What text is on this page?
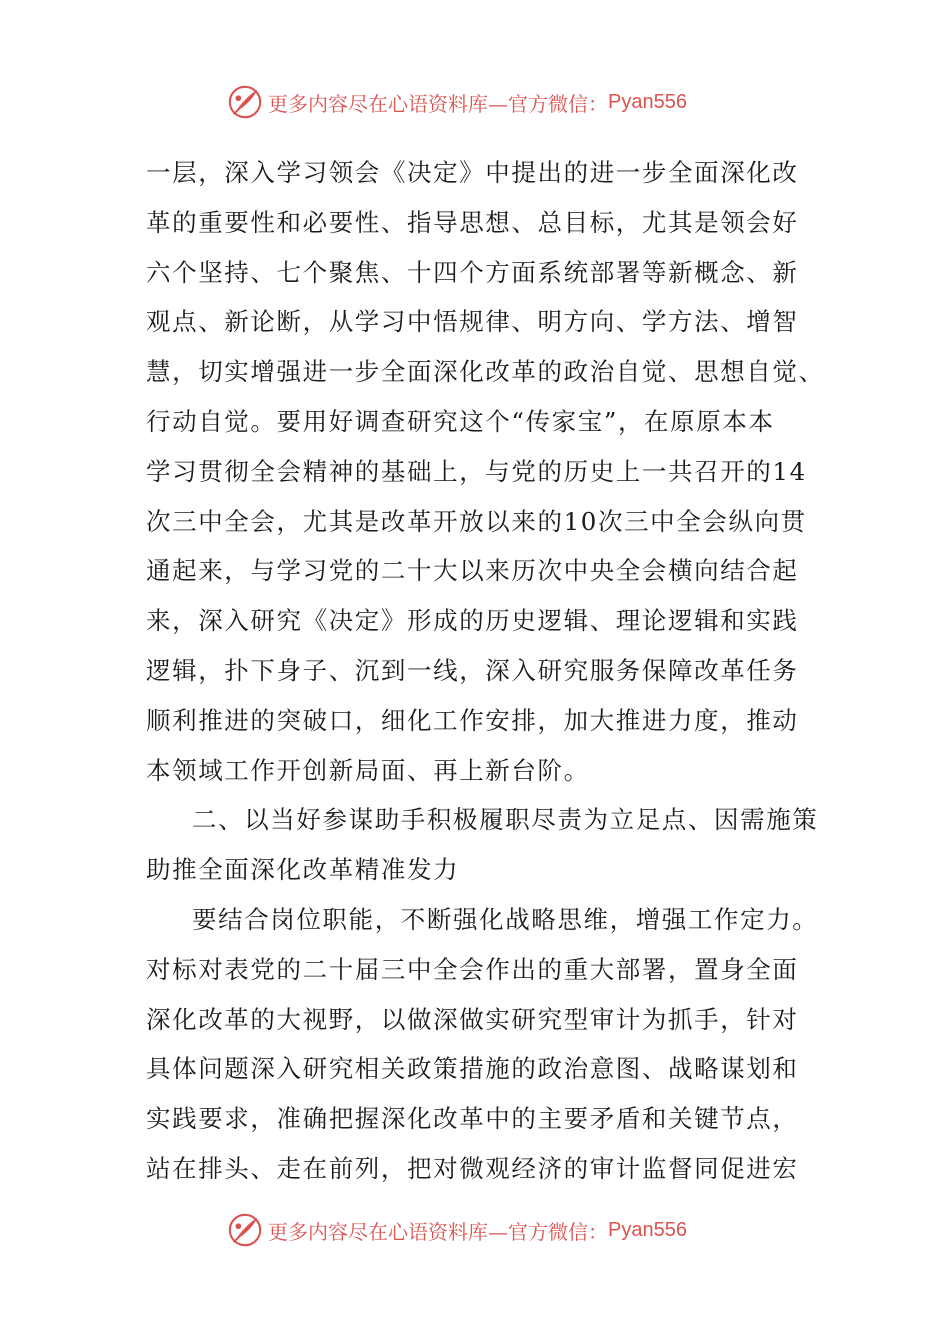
更多内容尽在心语资料库—官方微信： Pyan556
一层，深入学习领会《决定》中提出的进一步全面深化改
革的重要性和必要性、指导思想、总目标，尤其是领会好
六个坚持、七个聚焦、十四个方面系统部署等新概念、新
观点、新论断，从学习中悟规律、明方向、学方法、增智
慧，切实增强进一步全面深化改革的政治自觉、思想自觉、
行动自觉。要用好调查研究这个“传家宝”，在原原本本
学习贯彻全会精神的基础上，与党的历史上一共召开的14
次三中全会，尤其是改革开放以来的10次三中全会纵向贯
通起来，与学习党的二十大以来历次中央全会横向结合起
来，深入研究《决定》形成的历史逻辑、理论逻辑和实践
逻辑，扑下身子、沉到一线，深入研究服务保障改革任务
顺利推进的突破口，细化工作安排，加大推进力度，推动
本领域工作开创新局面、再上新台阶。
二、以当好参谋助手积极履职尽责为立足点、因需施策
助推全面深化改革精准发力
要结合岗位职能，不断强化战略思维，增强工作定力。
对标对表党的二十届三中全会作出的重大部署，置身全面
深化改革的大视野，以做深做实研究型审计为抓手，针对
具体问题深入研究相关政策措施的政治意图、战略谋划和
实践要求，准确把握深化改革中的主要矛盾和关键节点，
站在排头、走在前列，把对微观经济的审计监督同促进宏
更多内容尽在心语资料库—官方微信： Pyan556
